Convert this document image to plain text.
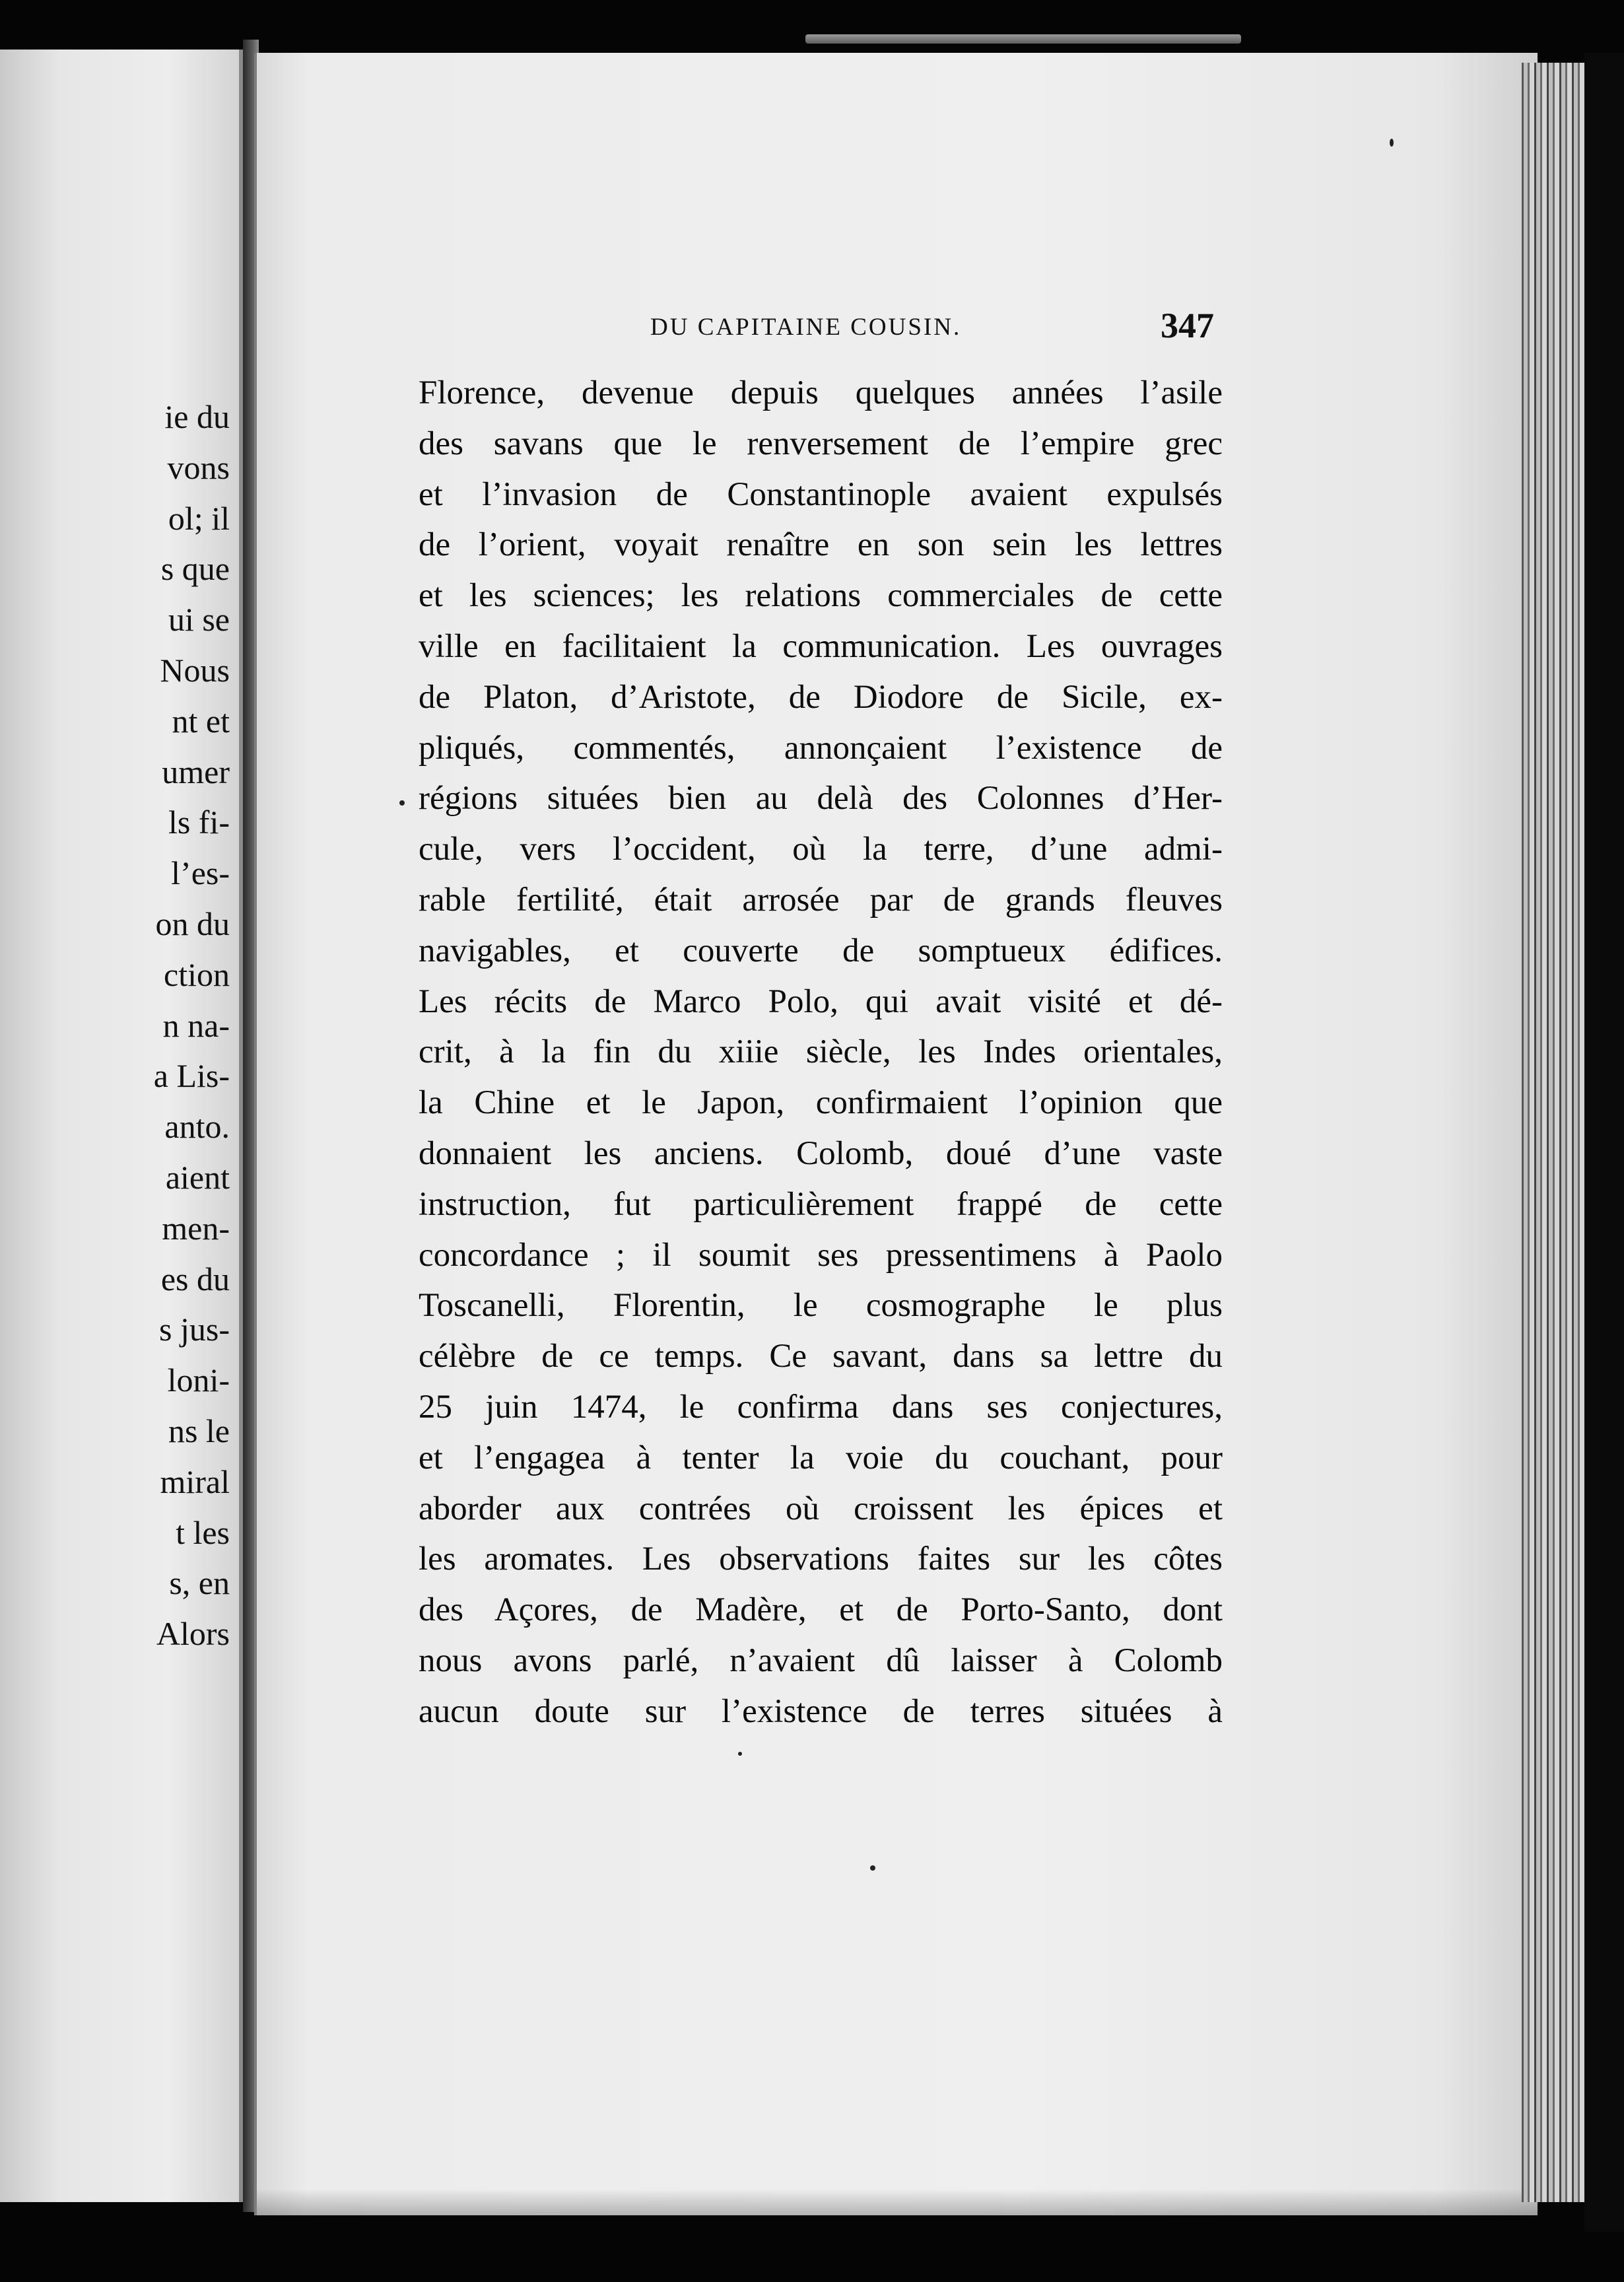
ie du
vons
ol; il
s que
ui se
Nous
nt et
umer
ls fi-
l’es-
on du
ction
n na-
a Lis-
anto.
aient
men-
es du
s jus-
loni-
ns le
miral
t les
s, en
Alors
DU CAPITAINE COUSIN.	347
Florence, devenue depuis quelques années l’asile
des savans que le renversement de l’empire grec
et l’invasion de Constantinople avaient expulsés
de l’orient, voyait renaître en son sein les lettres
et les sciences; les relations commerciales de cette
ville en facilitaient la communication. Les ouvrages
de Platon, d’Aristote, de Diodore de Sicile, ex-
pliqués, commentés, annonçaient l’existence de
régions situées bien au delà des Colonnes d’Her-
cule, vers l’occident, où la terre, d’une admi-
rable fertilité, était arrosée par de grands fleuves
navigables, et couverte de somptueux édifices.
Les récits de Marco Polo, qui avait visité et dé-
crit, à la fin du xiiie siècle, les Indes orientales,
la Chine et le Japon, confirmaient l’opinion que
donnaient les anciens. Colomb, doué d’une vaste
instruction, fut particulièrement frappé de cette
concordance ; il soumit ses pressentimens à Paolo
Toscanelli, Florentin, le cosmographe le plus
célèbre de ce temps. Ce savant, dans sa lettre du
25 juin 1474, le confirma dans ses conjectures,
et l’engagea à tenter la voie du couchant, pour
aborder aux contrées où croissent les épices et
les aromates. Les observations faites sur les côtes
des Açores, de Madère, et de Porto-Santo, dont
nous avons parlé, n’avaient dû laisser à Colomb
aucun doute sur l’existence de terres situées à
